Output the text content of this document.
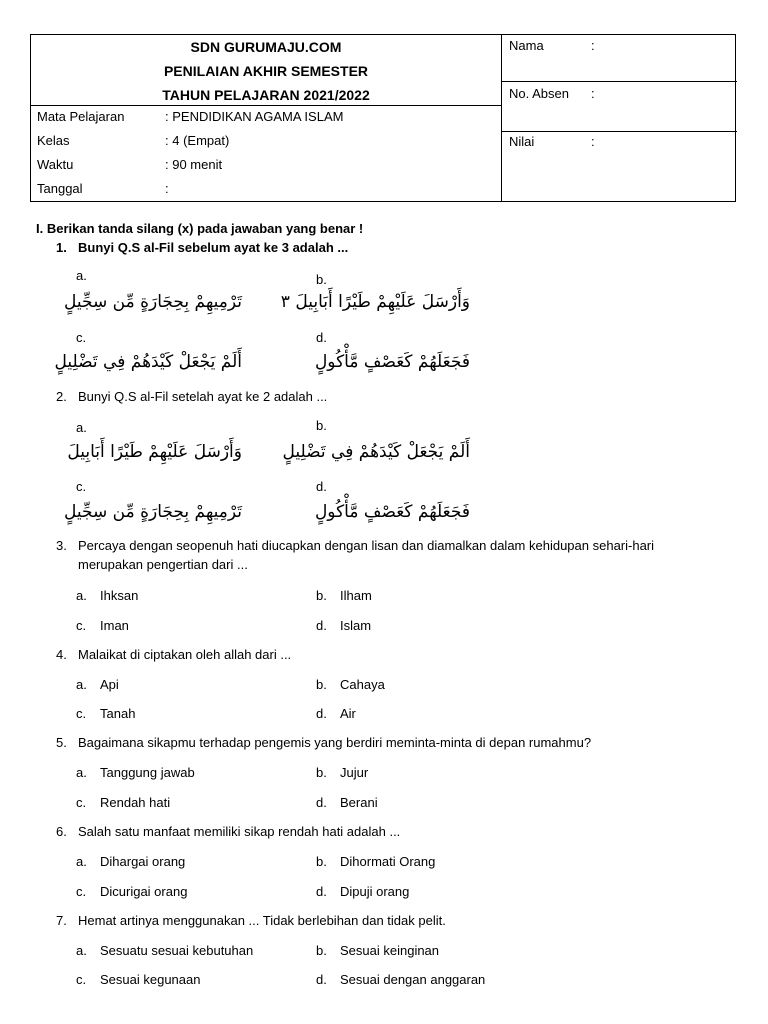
SDN GURUMAJU.COM
PENILAIAN AKHIR SEMESTER
TAHUN PELAJARAN 2021/2022
Mata Pelajaran	: PENDIDIKAN AGAMA ISLAM
Kelas	: 4 (Empat)
Waktu	: 90 menit
Tanggal	:
Nama	:
No. Absen :
Nilai	:
I. Berikan tanda silang (x) pada jawaban yang benar !
1. Bunyi Q.S al-Fil sebelum ayat ke 3 adalah ...
a.
تَرْمِيهِمْ بِحِجَارَةٍ مِّن سِجِّيلٍ
b.
وَأَرْسَلَ عَلَيْهِمْ طَيْرًا أَبَابِيلَ ٣
c.
أَلَمْ يَجْعَلْ كَيْدَهُمْ فِي تَضْلِيلٍ
d.
فَجَعَلَهُمْ كَعَصْفٍ مَّأْكُولٍ
2. Bunyi Q.S al-Fil setelah ayat ke 2 adalah ...
a.
وَأَرْسَلَ عَلَيْهِمْ طَيْرًا أَبَابِيلَ
b.
أَلَمْ يَجْعَلْ كَيْدَهُمْ فِي تَضْلِيلٍ
c.
تَرْمِيهِمْ بِحِجَارَةٍ مِّن سِجِّيلٍ
d.
فَجَعَلَهُمْ كَعَصْفٍ مَّأْكُولٍ
3. Percaya dengan seopenuh hati diucapkan dengan lisan dan diamalkan dalam kehidupan sehari-hari
merupakan pengertian dari ...
a. Ihksan	b. Ilham
c. Iman	d. Islam
4. Malaikat di ciptakan oleh allah dari ...
a. Api	b. Cahaya
c. Tanah	d. Air
5. Bagaimana sikapmu terhadap pengemis yang berdiri meminta-minta di depan rumahmu?
a. Tanggung jawab	b. Jujur
c. Rendah hati	d. Berani
6. Salah satu manfaat memiliki sikap rendah hati adalah ...
a. Dihargai orang	b. Dihormati Orang
c. Dicurigai orang	d. Dipuji orang
7. Hemat artinya menggunakan ... Tidak berlebihan dan tidak pelit.
a. Sesuatu sesuai kebutuhan	b. Sesuai keinginan
c. Sesuai kegunaan	d. Sesuai dengan anggaran
